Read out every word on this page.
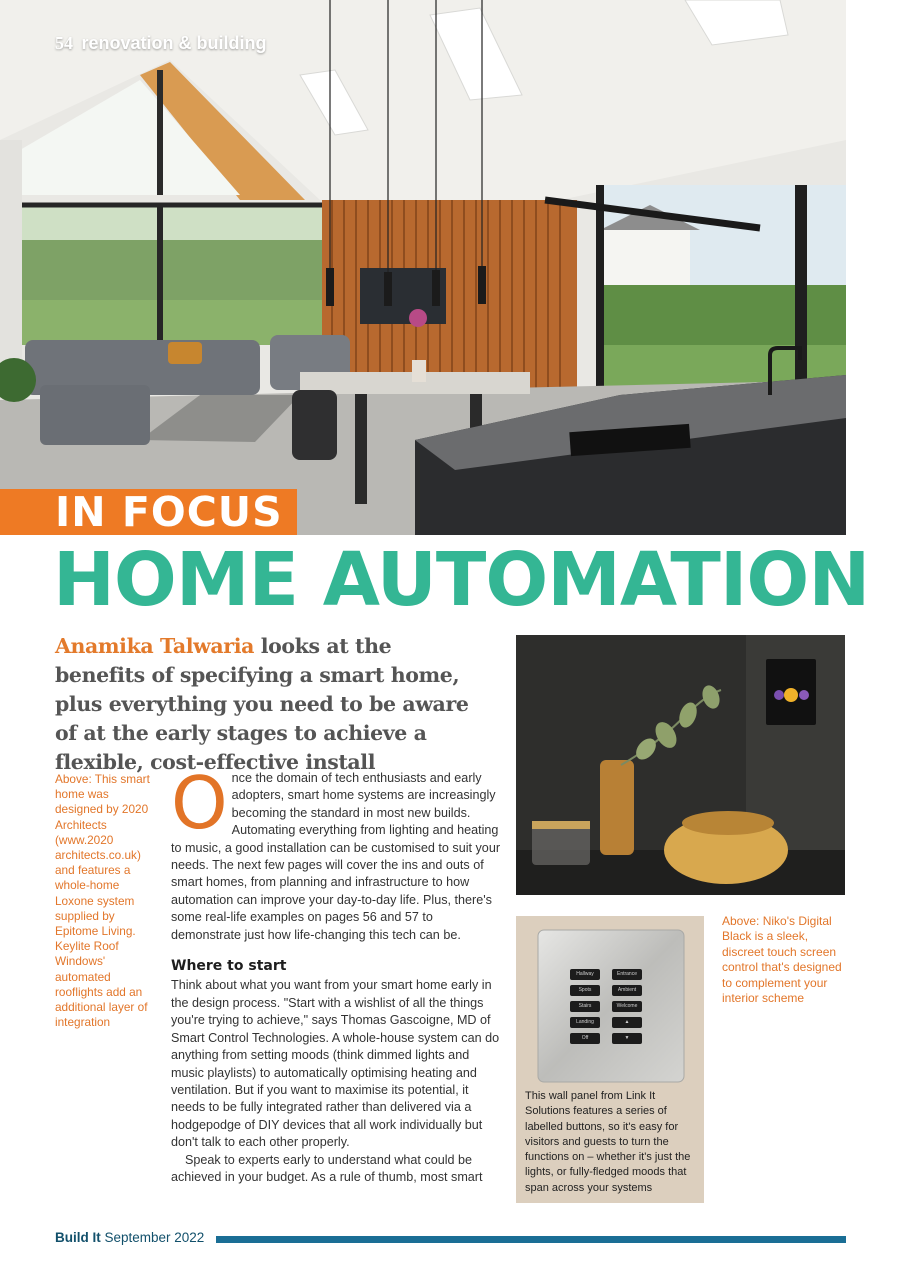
54 renovation & building
IN FOCUS
HOME AUTOMATION
Anamika Talwaria looks at the benefits of specifying a smart home, plus everything you need to be aware of at the early stages to achieve a flexible, cost-effective install
Above: This smart home was designed by 2020 Architects (www.2020 architects.co.uk) and features a whole-home Loxone system supplied by Epitome Living. Keylite Roof Windows' automated rooflights add an additional layer of integration

Once the domain of tech enthusiasts and early adopters, smart home systems are increasingly becoming the standard in most new builds. Automating everything from lighting and heating to music, a good installation can be customised to suit your needs. The next few pages will cover the ins and outs of smart homes, from planning and infrastructure to how automation can improve your day-to-day life. Plus, there's some real-life examples on pages 56 and 57 to demonstrate just how life-changing this tech can be.

Where to start

Think about what you want from your smart home early in the design process. "Start with a wishlist of all the things you're trying to achieve," says Thomas Gascoigne, MD of Smart Control Technologies. A whole-house system can do anything from setting moods (think dimmed lights and music playlists) to automatically optimising heating and ventilation. But if you want to maximise its potential, it needs to be fully integrated rather than delivered via a hodgepodge of DIY devices that all work individually but don't talk to each other properly.

Speak to experts early to understand what could be achieved in your budget. As a rule of thumb, most smart

Above: Niko's Digital Black is a sleek, discreet touch screen control that's designed to complement your interior scheme
Hallway
Spots
Stairs
Landing
Off
Entrance
Ambient
Welcome
▲
▼
This wall panel from Link It Solutions features a series of labelled buttons, so it's easy for visitors and guests to turn the functions on – whether it's just the lights, or fully-fledged moods that span across your systems
Build It September 2022
